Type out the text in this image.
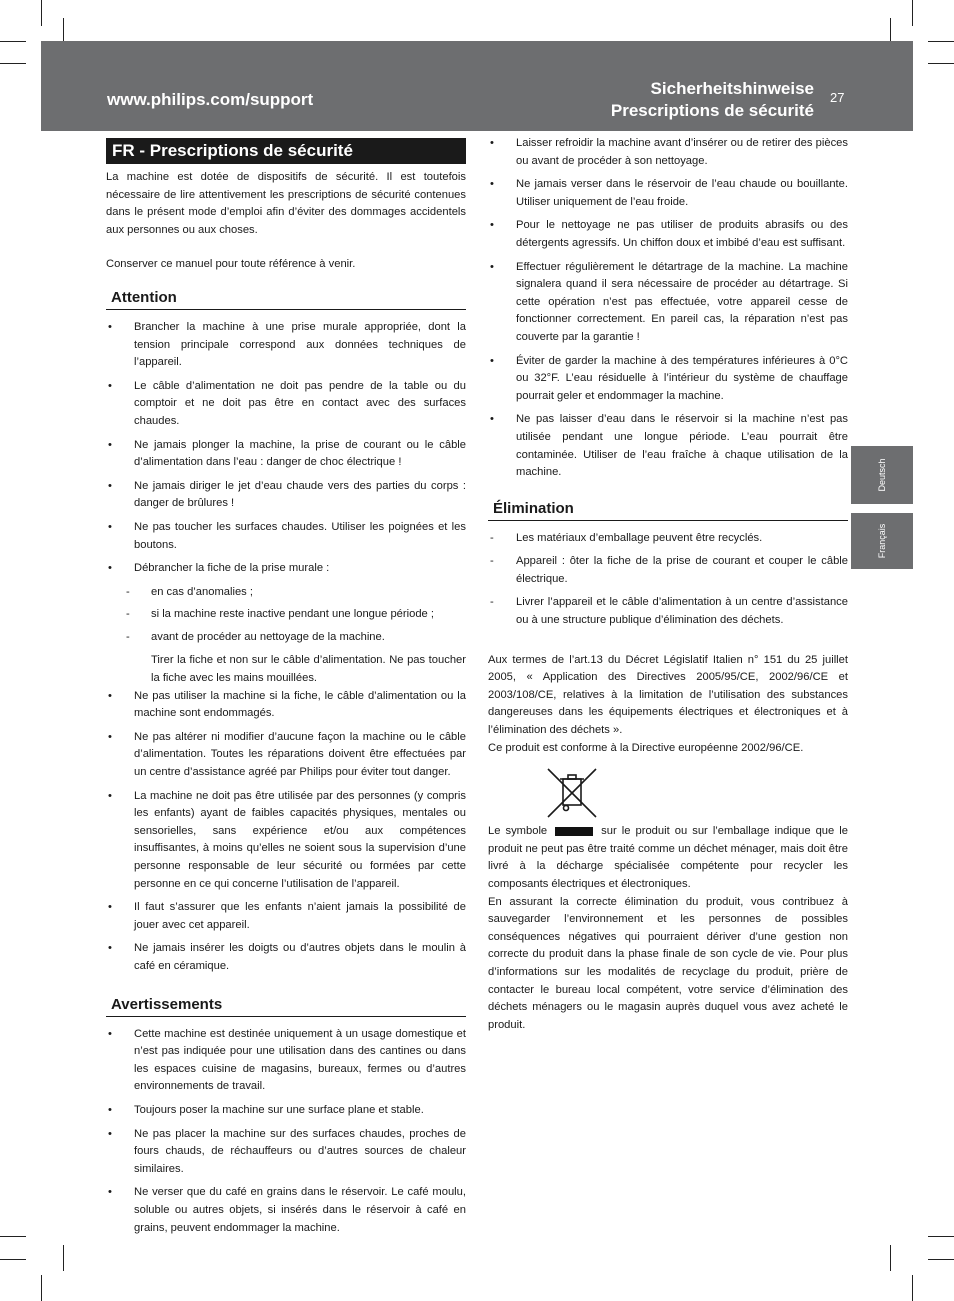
www.philips.com/support
Sicherheitshinweise
Prescriptions de sécurité
27
Deutsch
Français
FR - Prescriptions de sécurité

La machine est dotée de dispositifs de sécurité. Il est toutefois nécessaire de lire attentivement les prescriptions de sécurité contenues dans le présent mode d’emploi afin d’éviter des dommages accidentels aux personnes ou aux choses.

Conserver ce manuel pour toute référence à venir.

Attention
• Brancher la machine à une prise murale appropriée, dont la tension principale correspond aux données techniques de l’appareil.
• Le câble d’alimentation ne doit pas pendre de la table ou du comptoir et ne doit pas être en contact avec des surfaces chaudes.
• Ne jamais plonger la machine, la prise de courant ou le câble d’alimentation dans l’eau : danger de choc électrique !
• Ne jamais diriger le jet d’eau chaude vers des parties du corps : danger de brûlures !
• Ne pas toucher les surfaces chaudes. Utiliser les poignées et les boutons.
• Débrancher la fiche de la prise murale :
- en cas d’anomalies ;
- si la machine reste inactive pendant une longue période ;
- avant de procéder au nettoyage de la machine.

Tirer la fiche et non sur le câble d’alimentation. Ne pas toucher la fiche avec les mains mouillées.

• Ne pas utiliser la machine si la fiche, le câble d’alimentation ou la machine sont endommagés.
• Ne pas altérer ni modifier d’aucune façon la machine ou le câble d’alimentation. Toutes les réparations doivent être effectuées par un centre d’assistance agréé par Philips pour éviter tout danger.
• La machine ne doit pas être utilisée par des personnes (y compris les enfants) ayant de faibles capacités physiques, mentales ou sensorielles, sans expérience et/ou aux compétences insuffisantes, à moins qu’elles ne soient sous la supervision d’une personne responsable de leur sécurité ou formées par cette personne en ce qui concerne l’utilisation de l’appareil.
• Il faut s’assurer que les enfants n’aient jamais la possibilité de jouer avec cet appareil.
• Ne jamais insérer les doigts ou d’autres objets dans le moulin à café en céramique.
Avertissements
• Cette machine est destinée uniquement à un usage domestique et n’est pas indiquée pour une utilisation dans des cantines ou dans les espaces cuisine de magasins, bureaux, fermes ou d’autres environnements de travail.
• Toujours poser la machine sur une surface plane et stable.
• Ne pas placer la machine sur des surfaces chaudes, proches de fours chauds, de réchauffeurs ou d’autres sources de chaleur similaires.
• Ne verser que du café en grains dans le réservoir. Le café moulu, soluble ou autres objets, si insérés dans le réservoir à café en grains, peuvent endommager la machine.
• Laisser refroidir la machine avant d’insérer ou de retirer des pièces ou avant de procéder à son nettoyage.
• Ne jamais verser dans le réservoir de l’eau chaude ou bouillante. Utiliser uniquement de l’eau froide.
• Pour le nettoyage ne pas utiliser de produits abrasifs ou des détergents agressifs. Un chiffon doux et imbibé d’eau est suffisant.
• Effectuer régulièrement le détartrage de la machine. La machine signalera quand il sera nécessaire de procéder au détartrage. Si cette opération n’est pas effectuée, votre appareil cesse de fonctionner correctement. En pareil cas, la réparation n’est pas couverte par la garantie !
• Éviter de garder la machine à des températures inférieures à 0°C ou 32°F. L’eau résiduelle à l’intérieur du système de chauffage pourrait geler et endommager la machine.
• Ne pas laisser d’eau dans le réservoir si la machine n’est pas utilisée pendant une longue période. L’eau pourrait être contaminée. Utiliser de l’eau fraîche à chaque utilisation de la machine.
Élimination
- Les matériaux d’emballage peuvent être recyclés.
- Appareil : ôter la fiche de la prise de courant et couper le câble électrique.
- Livrer l’appareil et le câble d’alimentation à un centre d’assistance ou à une structure publique d’élimination des déchets.

Aux termes de l’art.13 du Décret Législatif Italien n° 151 du 25 juillet 2005, « Application des Directives 2005/95/CE, 2002/96/CE et 2003/108/CE, relatives à la limitation de l’utilisation des substances dangereuses dans les équipements électriques et électroniques et à l’élimination des déchets ».

Ce produit est conforme à la Directive européenne 2002/96/CE.

Le symbole	sur le produit ou sur l’emballage indique que le produit ne peut pas être traité comme un déchet ménager, mais doit être livré à la décharge spécialisée compétente pour recycler les composants électriques et électroniques.

En assurant la correcte élimination du produit, vous contribuez à sauvegarder l’environnement et les personnes de possibles conséquences négatives qui pourraient dériver d’une gestion non correcte du produit dans la phase finale de son cycle de vie. Pour plus d’informations sur les modalités de recyclage du produit, prière de contacter le bureau local compétent, votre service d’élimination des déchets ménagers ou le magasin auprès duquel vous avez acheté le produit.
